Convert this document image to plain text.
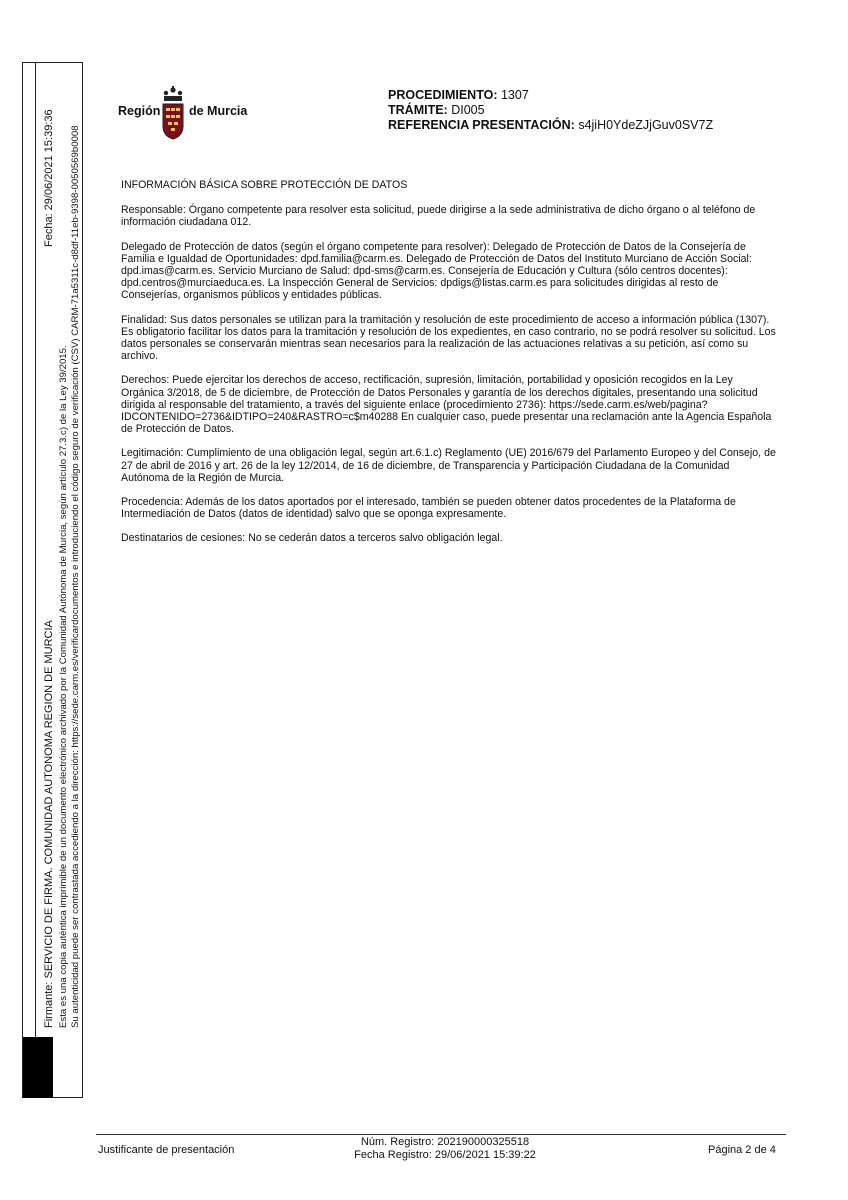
Fecha: 29/06/2021 15:39:36
Firmante: SERVICIO DE FIRMA. COMUNIDAD AUTONOMA REGION DE MURCIA Esta es una copia auténtica imprimible de un documento electrónico archivado por la Comunidad Autónoma de Murcia, según artículo 27.3.c) de la Ley 39/2015. Su autenticidad puede ser contrastada accediendo a la dirección: https://sede.carm.es/verificardocumentos e introduciendo el código seguro de verificación (CSV) CARM-71a5311c-d8df-11eb-9398-0050569b0008
Región de Murcia
PROCEDIMIENTO: 1307
TRÁMITE: DI005
REFERENCIA PRESENTACIÓN: s4jiH0YdeZJjGuv0SV7Z
INFORMACIÓN BÁSICA SOBRE PROTECCIÓN DE DATOS

Responsable: Órgano competente para resolver esta solicitud, puede dirigirse a la sede administrativa de dicho órgano o al teléfono de información ciudadana 012.

Delegado de Protección de datos (según el órgano competente para resolver): Delegado de Protección de Datos de la Consejería de Familia e Igualdad de Oportunidades: dpd.familia@carm.es. Delegado de Protección de Datos del Instituto Murciano de Acción Social: dpd.imas@carm.es. Servicio Murciano de Salud: dpd-sms@carm.es. Consejería de Educación y Cultura (sólo centros docentes): dpd.centros@murciaeduca.es. La Inspección General de Servicios: dpdigs@listas.carm.es para solicitudes dirigidas al resto de Consejerías, organismos públicos y entidades públicas.

Finalidad: Sus datos personales se utilizan para la tramitación y resolución de este procedimiento de acceso a información pública (1307). Es obligatorio facilitar los datos para la tramitación y resolución de los expedientes, en caso contrario, no se podrá resolver su solicitud. Los datos personales se conservarán mientras sean necesarios para la realización de las actuaciones relativas a su petición, así como su archivo.

Derechos: Puede ejercitar los derechos de acceso, rectificación, supresión, limitación, portabilidad y oposición recogidos en la Ley Orgánica 3/2018, de 5 de diciembre, de Protección de Datos Personales y garantía de los derechos digitales, presentando una solicitud dirigida al responsable del tratamiento, a través del siguiente enlace (procedimiento 2736): https://sede.carm.es/web/pagina?IDCONTENIDO=2736&IDTIPO=240&RASTRO=c$m40288 En cualquier caso, puede presentar una reclamación ante la Agencia Española de Protección de Datos.

Legitimación: Cumplimiento de una obligación legal, según art.6.1.c) Reglamento (UE) 2016/679 del Parlamento Europeo y del Consejo, de 27 de abril de 2016 y art. 26 de la ley 12/2014, de 16 de diciembre, de Transparencia y Participación Ciudadana de la Comunidad Autónoma de la Región de Murcia.

Procedencia: Además de los datos aportados por el interesado, también se pueden obtener datos procedentes de la Plataforma de Intermediación de Datos (datos de identidad) salvo que se oponga expresamente.

Destinatarios de cesiones: No se cederán datos a terceros salvo obligación legal.

Justificante de presentación
Núm. Registro: 202190000325518
Fecha Registro: 29/06/2021 15:39:22	Página 2 de 4
